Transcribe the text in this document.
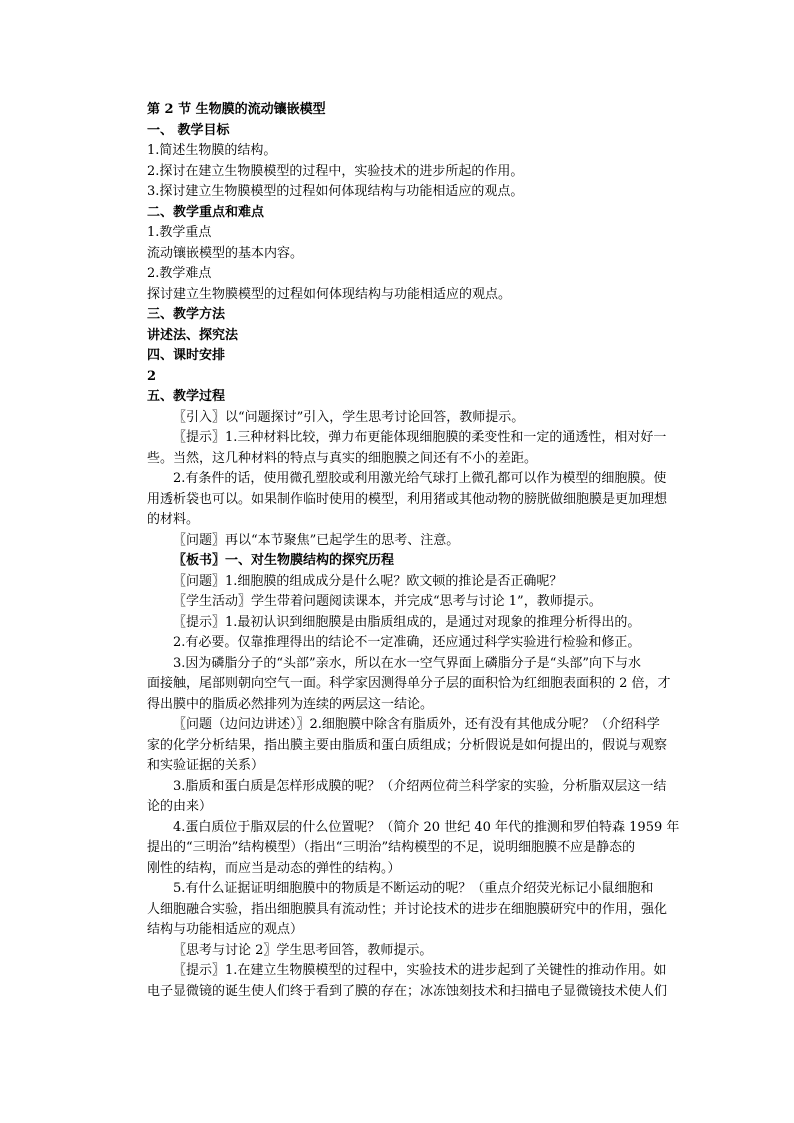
第 2 节 生物膜的流动镶嵌模型
一、 教学目标
1.简述生物膜的结构。
2.探讨在建立生物膜模型的过程中，实验技术的进步所起的作用。
3.探讨建立生物膜模型的过程如何体现结构与功能相适应的观点。
二、教学重点和难点
1.教学重点
流动镶嵌模型的基本内容。
2.教学难点
探讨建立生物膜模型的过程如何体现结构与功能相适应的观点。
三、教学方法
讲述法、探究法
四、课时安排
2
五、教学过程
〖引入〗以“问题探讨”引入，学生思考讨论回答，教师提示。
〖提示〗1.三种材料比较，弹力布更能体现细胞膜的柔变性和一定的通透性，相对好一
些。当然，这几种材料的特点与真实的细胞膜之间还有不小的差距。
2.有条件的话，使用微孔塑胶或利用激光给气球打上微孔都可以作为模型的细胞膜。使
用透析袋也可以。如果制作临时使用的模型，利用猪或其他动物的膀胱做细胞膜是更加理想
的材料。
〖问题〗再以“本节聚焦”已起学生的思考、注意。
〖板书〗一、对生物膜结构的探究历程
〖问题〗1.细胞膜的组成成分是什么呢？欧文顿的推论是否正确呢？
〖学生活动〗学生带着问题阅读课本，并完成“思考与讨论 1”，教师提示。
〖提示〗1.最初认识到细胞膜是由脂质组成的，是通过对现象的推理分析得出的。
2.有必要。仅靠推理得出的结论不一定准确，还应通过科学实验进行检验和修正。
3.因为磷脂分子的“头部”亲水，所以在水一空气界面上磷脂分子是“头部”向下与水
面接触，尾部则朝向空气一面。科学家因测得单分子层的面积恰为红细胞表面积的 2 倍，才
得出膜中的脂质必然排列为连续的两层这一结论。
〖问题（边问边讲述）〗2.细胞膜中除含有脂质外，还有没有其他成分呢？（介绍科学
家的化学分析结果，指出膜主要由脂质和蛋白质组成；分析假说是如何提出的，假说与观察
和实验证据的关系）
3.脂质和蛋白质是怎样形成膜的呢？（介绍两位荷兰科学家的实验，分析脂双层这一结
论的由来）
4.蛋白质位于脂双层的什么位置呢？（简介 20 世纪 40 年代的推测和罗伯特森 1959 年
提出的“三明治”结构模型）（指出“三明治”结构模型的不足，说明细胞膜不应是静态的
刚性的结构，而应当是动态的弹性的结构。）
5.有什么证据证明细胞膜中的物质是不断运动的呢？（重点介绍荧光标记小鼠细胞和
人细胞融合实验，指出细胞膜具有流动性；并讨论技术的进步在细胞膜研究中的作用，强化
结构与功能相适应的观点）
〖思考与讨论 2〗学生思考回答，教师提示。
〖提示〗1.在建立生物膜模型的过程中，实验技术的进步起到了关键性的推动作用。如
电子显微镜的诞生使人们终于看到了膜的存在；冰冻蚀刻技术和扫描电子显微镜技术使人们
